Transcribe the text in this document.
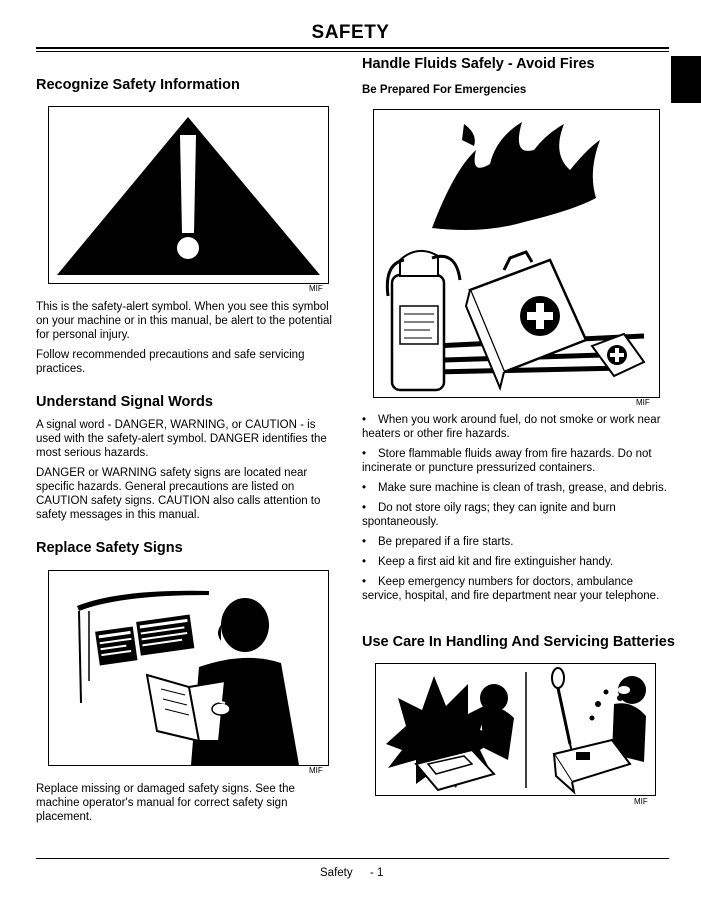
SAFETY
Recognize Safety Information
MIF

This is the safety-alert symbol. When you see this symbol on your machine or in this manual, be alert to the potential for personal injury.

Follow recommended precautions and safe servicing practices.

Understand Signal Words

A signal word - DANGER, WARNING, or CAUTION - is used with the safety-alert symbol. DANGER identifies the most serious hazards.

DANGER or WARNING safety signs are located near specific hazards. General precautions are listed on CAUTION safety signs. CAUTION also calls attention to safety messages in this manual.

Replace Safety Signs
MIF

Replace missing or damaged safety signs. See the machine operator's manual for correct safety sign placement.

Handle Fluids Safely - Avoid Fires
Be Prepared For Emergencies
MIF
• When you work around fuel, do not smoke or work near heaters or other fire hazards.
• Store flammable fluids away from fire hazards. Do not incinerate or puncture pressurized containers.
• Make sure machine is clean of trash, grease, and debris.
• Do not store oily rags; they can ignite and burn spontaneously.
• Be prepared if a fire starts.
• Keep a first aid kit and fire extinguisher handy.
• Keep emergency numbers for doctors, ambulance service, hospital, and fire department near your telephone.
Use Care In Handling And Servicing Batteries
MIF
Safety - 1
